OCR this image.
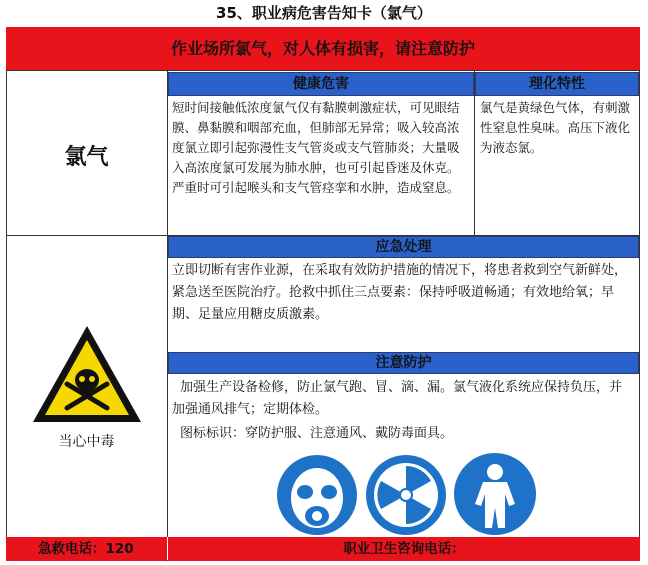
35、职业病危害告知卡（氯气）
作业场所氯气，对人体有损害，请注意防护
健康危害	理化特性
氯气
短时间接触低浓度氯气仅有黏膜刺激症状，可见眼结膜、鼻黏膜和咽部充血，但肺部无异常；吸入较高浓度氯立即引起弥漫性支气管炎或支气管肺炎；大量吸入高浓度氯可发展为肺水肿，也可引起昏迷及休克。严重时可引起喉头和支气管痉挛和水肿，造成窒息。
氯气是黄绿色气体，有刺激性窒息性臭味。高压下液化为液态氯。
应急处理
立即切断有害作业源，在采取有效防护措施的情况下，将患者救到空气新鲜处，紧急送至医院治疗。抢救中抓住三点要素：保持呼吸道畅通；有效地给氧；早期、足量应用糖皮质激素。
注意防护
加强生产设备检修，防止氯气跑、冒、滴、漏。氯气液化系统应保持负压，并加强通风排气；定期体检。
图标标识：穿防护服、注意通风、戴防毒面具。
当心中毒
急救电话：120	职业卫生咨询电话：
